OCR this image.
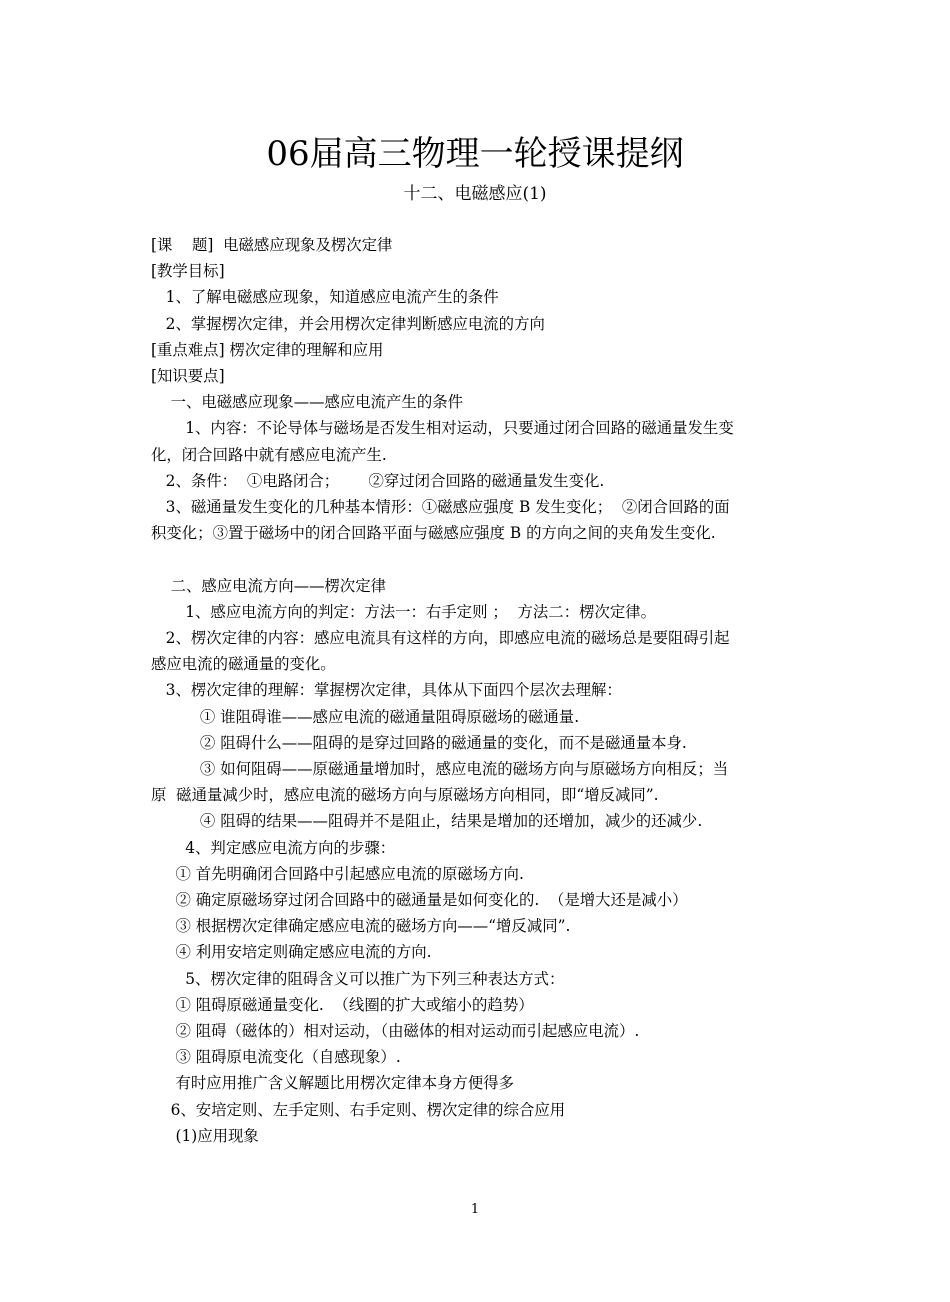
06届高三物理一轮授课提纲
十二、电磁感应(1)

[课    题]  电磁感应现象及楞次定律

[教学目标]

1、了解电磁感应现象，知道感应电流产生的条件

2、掌握楞次定律，并会用楞次定律判断感应电流的方向

[重点难点] 楞次定律的理解和应用

[知识要点]

一、电磁感应现象——感应电流产生的条件

1、内容：不论导体与磁场是否发生相对运动，只要通过闭合回路的磁通量发生变

化，闭合回路中就有感应电流产生.

2、条件：  ①电路闭合；      ②穿过闭合回路的磁通量发生变化.

3、磁通量发生变化的几种基本情形：①磁感应强度 B 发生变化；  ②闭合回路的面

积变化；③置于磁场中的闭合回路平面与磁感应强度 B 的方向之间的夹角发生变化.

二、感应电流方向——楞次定律

1、感应电流方向的判定：方法一：右手定则 ；  方法二：楞次定律。

2、楞次定律的内容：感应电流具有这样的方向，即感应电流的磁场总是要阻碍引起

感应电流的磁通量的变化。

3、楞次定律的理解：掌握楞次定律，具体从下面四个层次去理解：

① 谁阻碍谁——感应电流的磁通量阻碍原磁场的磁通量.

② 阻碍什么——阻碍的是穿过回路的磁通量的变化，而不是磁通量本身.

③ 如何阻碍——原磁通量增加时，感应电流的磁场方向与原磁场方向相反；当

原  磁通量减少时，感应电流的磁场方向与原磁场方向相同，即“增反减同”.

④ 阻碍的结果——阻碍并不是阻止，结果是增加的还增加，减少的还减少.

4、判定感应电流方向的步骤：

① 首先明确闭合回路中引起感应电流的原磁场方向.

② 确定原磁场穿过闭合回路中的磁通量是如何变化的.  （是增大还是减小）

③ 根据楞次定律确定感应电流的磁场方向——“增反减同”.

④ 利用安培定则确定感应电流的方向.

5、楞次定律的阻碍含义可以推广为下列三种表达方式：

① 阻碍原磁通量变化.  （线圈的扩大或缩小的趋势）

② 阻碍（磁体的）相对运动，（由磁体的相对运动而引起感应电流）.

③ 阻碍原电流变化（自感现象）.

有时应用推广含义解题比用楞次定律本身方便得多

6、安培定则、左手定则、右手定则、楞次定律的综合应用

(1)应用现象

1
